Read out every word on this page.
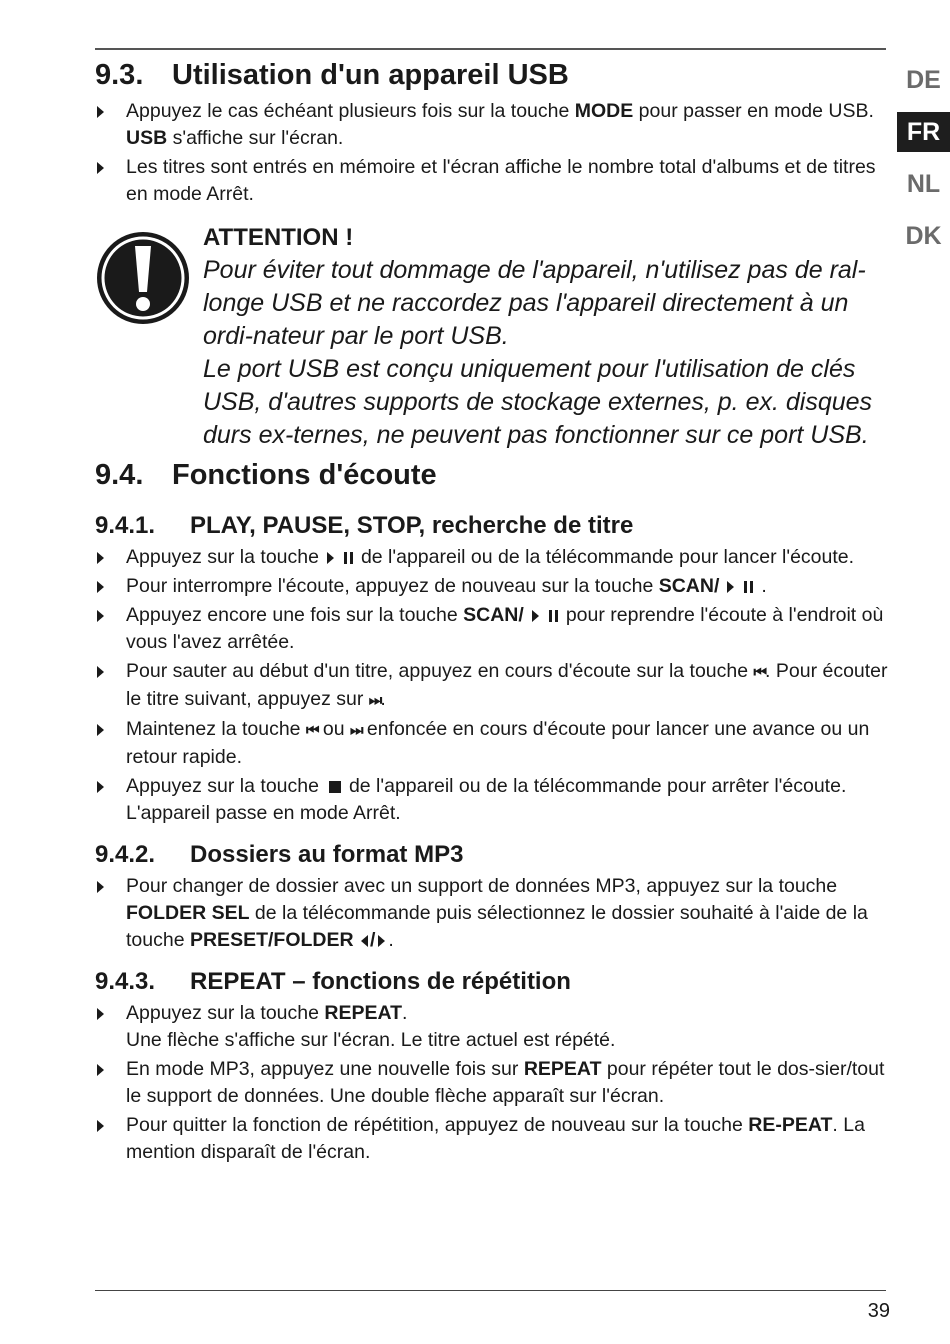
DE
FR
NL
DK
9.3. Utilisation d'un appareil USB
Appuyez le cas échéant plusieurs fois sur la touche MODE pour passer en mode USB. USB s'affiche sur l'écran.
Les titres sont entrés en mémoire et l'écran affiche le nombre total d'albums et de titres en mode Arrêt.
ATTENTION !

Pour éviter tout dommage de l'appareil, n'utilisez pas de ral-longe USB et ne raccordez pas l'appareil directement à un ordi-nateur par le port USB.

Le port USB est conçu uniquement pour l'utilisation de clés USB, d'autres supports de stockage externes, p. ex. disques durs ex-ternes, ne peuvent pas fonctionner sur ce port USB.

9.4. Fonctions d'écoute
9.4.1.	PLAY, PAUSE, STOP, recherche de titre
Appuyez sur la touche de l'appareil ou de la télécommande pour lancer l'écoute.
Pour interrompre l'écoute, appuyez de nouveau sur la touche SCAN/ .
Appuyez encore une fois sur la touche SCAN/ pour reprendre l'écoute à l'endroit où vous l'avez arrêtée.
Pour sauter au début d'un titre, appuyez en cours d'écoute sur la touche ⏮. Pour écouter le titre suivant, appuyez sur ⏭.
Maintenez la touche ⏮ ou ⏭ enfoncée en cours d'écoute pour lancer une avance ou un retour rapide.
Appuyez sur la touche de l'appareil ou de la télécommande pour arrêter l'écoute. L'appareil passe en mode Arrêt.
9.4.2.	Dossiers au format MP3
Pour changer de dossier avec un support de données MP3, appuyez sur la touche FOLDER SEL de la télécommande puis sélectionnez le dossier souhaité à l'aide de la touche PRESET/FOLDER / .
9.4.3.	REPEAT – fonctions de répétition
Appuyez sur la touche REPEAT.
Une flèche s'affiche sur l'écran. Le titre actuel est répété.
En mode MP3, appuyez une nouvelle fois sur REPEAT pour répéter tout le dos-sier/tout le support de données. Une double flèche apparaît sur l'écran.
Pour quitter la fonction de répétition, appuyez de nouveau sur la touche RE-PEAT. La mention disparaît de l'écran.
39
